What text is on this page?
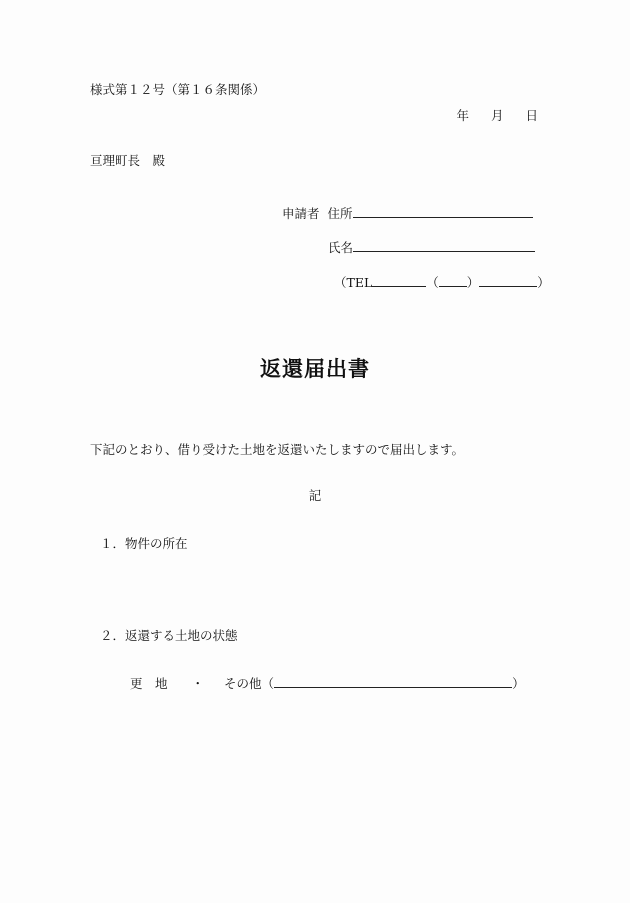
様式第１２号（第１６条関係）
年 月 日
亘理町長　殿
申請者 住所
氏名
（TEL	（ ）	）
返還届出書
下記のとおり、借り受けた土地を返還いたしますので届出します。
記
１．物件の所在
２．返還する土地の状態
更　地 ・ その他（	）
